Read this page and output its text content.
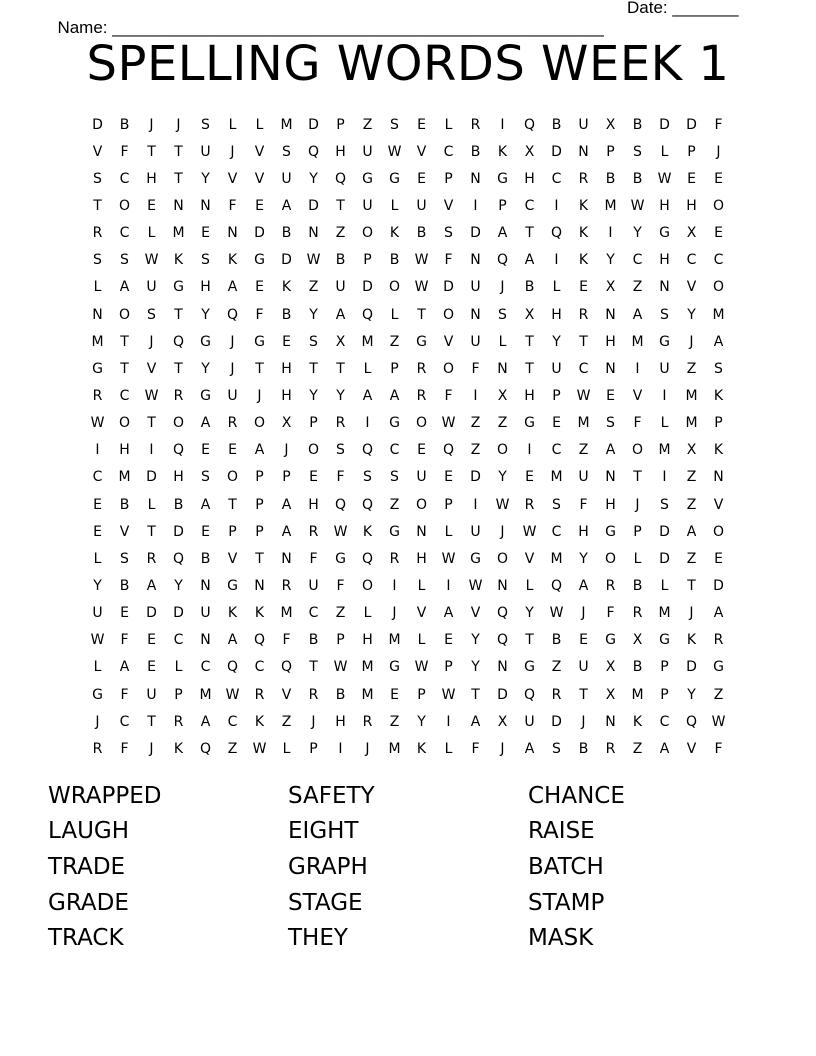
Name: ____________________________________________________

Date: _______

SPELLING WORDS WEEK 1
D	B	J	J	S	L	L	M	D	P	Z	S	E	L	R	I	Q	B	U	X	B	D	D	F
V	F	T	T	U	J	V	S	Q	H	U	W	V	C	B	K	X	D	N	P	S	L	P	J
S	C	H	T	Y	V	V	U	Y	Q	G	G	E	P	N	G	H	C	R	B	B	W	E	E
T	O	E	N	N	F	E	A	D	T	U	L	U	V	I	P	C	I	K	M	W	H	H	O
R	C	L	M	E	N	D	B	N	Z	O	K	B	S	D	A	T	Q	K	I	Y	G	X	E
S	S	W	K	S	K	G	D	W	B	P	B	W	F	N	Q	A	I	K	Y	C	H	C	C
L	A	U	G	H	A	E	K	Z	U	D	O	W	D	U	J	B	L	E	X	Z	N	V	O
N	O	S	T	Y	Q	F	B	Y	A	Q	L	T	O	N	S	X	H	R	N	A	S	Y	M
M	T	J	Q	G	J	G	E	S	X	M	Z	G	V	U	L	T	Y	T	H	M	G	J	A
G	T	V	T	Y	J	T	H	T	T	L	P	R	O	F	N	T	U	C	N	I	U	Z	S
R	C	W	R	G	U	J	H	Y	Y	A	A	R	F	I	X	H	P	W	E	V	I	M	K
W	O	T	O	A	R	O	X	P	R	I	G	O	W	Z	Z	G	E	M	S	F	L	M	P
I	H	I	Q	E	E	A	J	O	S	Q	C	E	Q	Z	O	I	C	Z	A	O	M	X	K
C	M	D	H	S	O	P	P	E	F	S	S	U	E	D	Y	E	M	U	N	T	I	Z	N
E	B	L	B	A	T	P	A	H	Q	Q	Z	O	P	I	W	R	S	F	H	J	S	Z	V
E	V	T	D	E	P	P	A	R	W	K	G	N	L	U	J	W	C	H	G	P	D	A	O
L	S	R	Q	B	V	T	N	F	G	Q	R	H	W	G	O	V	M	Y	O	L	D	Z	E
Y	B	A	Y	N	G	N	R	U	F	O	I	L	I	W	N	L	Q	A	R	B	L	T	D
U	E	D	D	U	K	K	M	C	Z	L	J	V	A	V	Q	Y	W	J	F	R	M	J	A
W	F	E	C	N	A	Q	F	B	P	H	M	L	E	Y	Q	T	B	E	G	X	G	K	R
L	A	E	L	C	Q	C	Q	T	W	M	G	W	P	Y	N	G	Z	U	X	B	P	D	G
G	F	U	P	M	W	R	V	R	B	M	E	P	W	T	D	Q	R	T	X	M	P	Y	Z
J	C	T	R	A	C	K	Z	J	H	R	Z	Y	I	A	X	U	D	J	N	K	C	Q	W
R	F	J	K	Q	Z	W	L	P	I	J	M	K	L	F	J	A	S	B	R	Z	A	V	F
WRAPPED	SAFETY	CHANCE
LAUGH	EIGHT	RAISE
TRADE	GRAPH	BATCH
GRADE	STAGE	STAMP
TRACK	THEY	MASK
